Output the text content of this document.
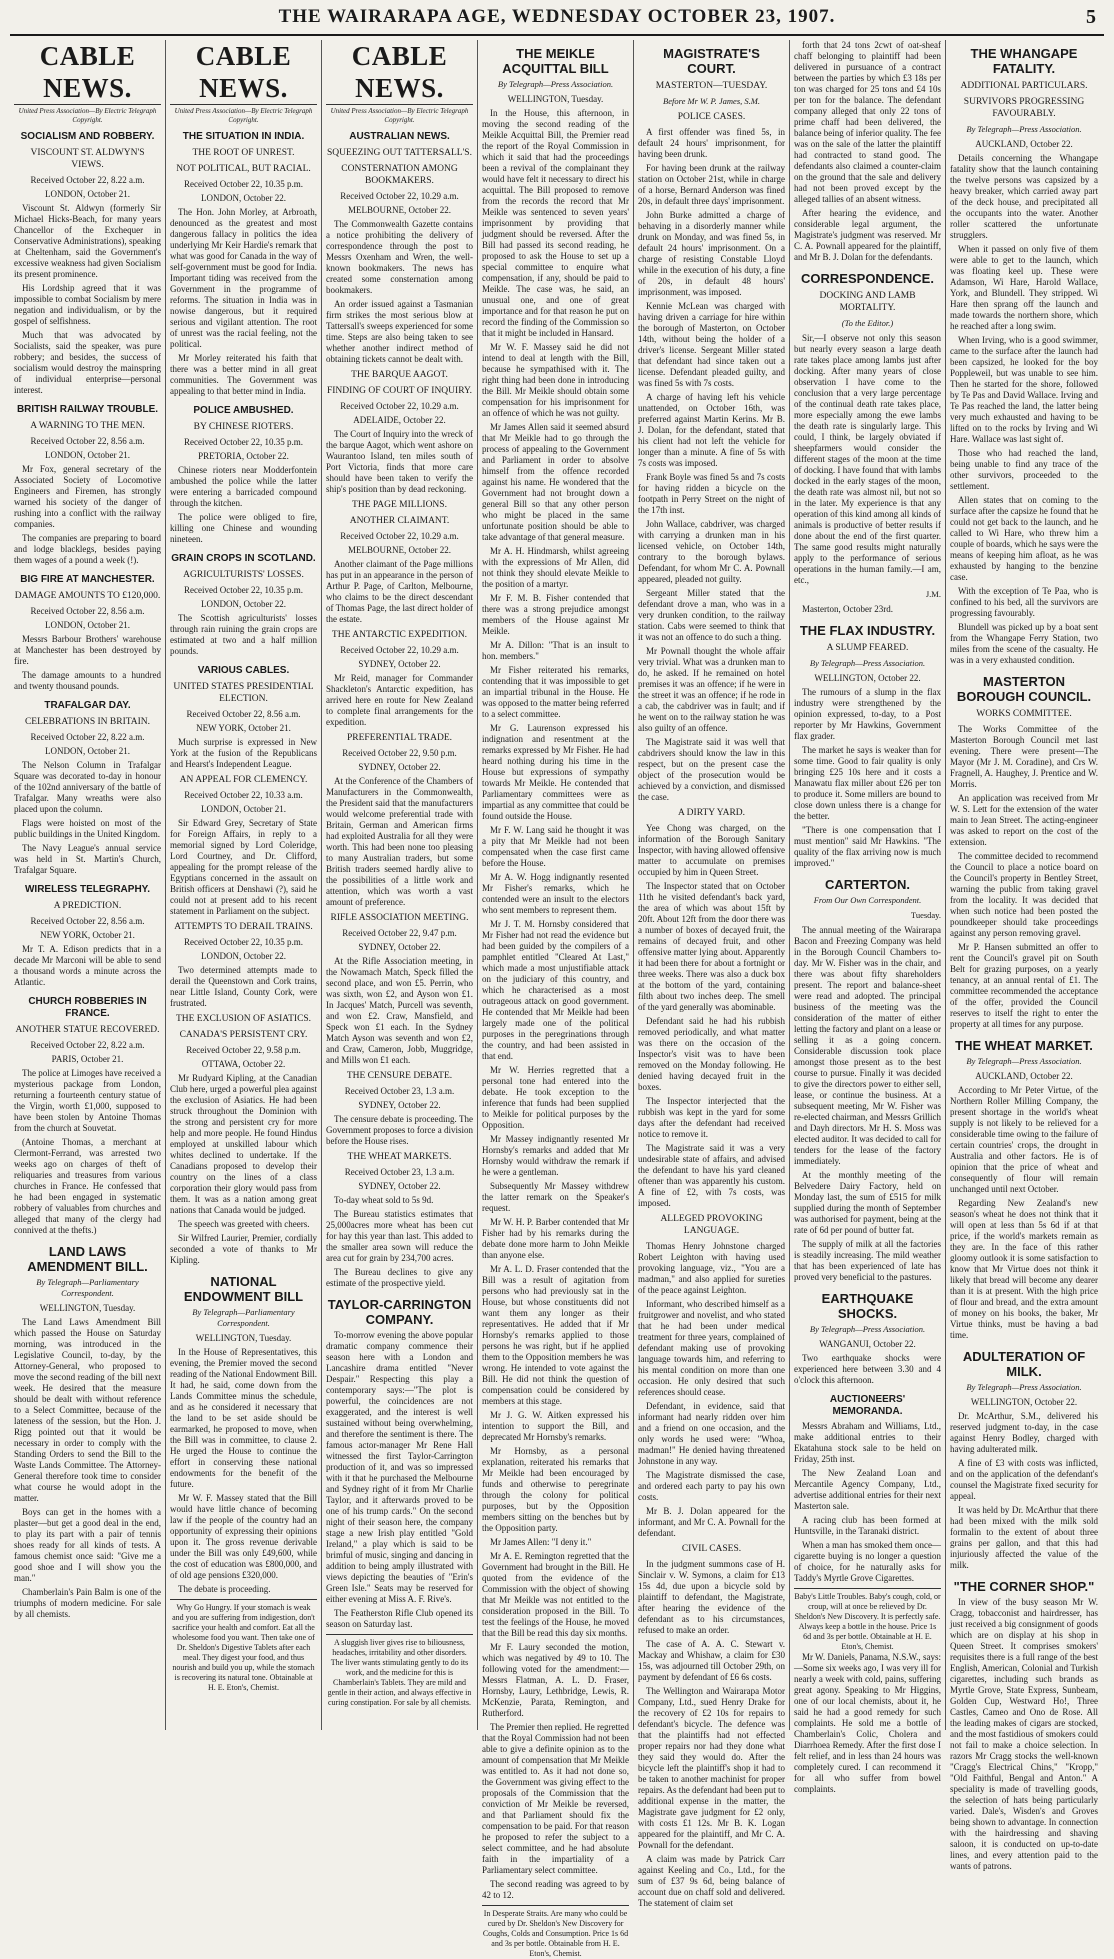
THE WAIRARAPA AGE, WEDNESDAY OCTOBER 23, 1907.	5
CABLE NEWS.
United Press Association—By Electric Telegraph Copyright.
SOCIALISM AND ROBBERY.
VISCOUNT ST. ALDWYN'S VIEWS.
Received October 22, 8.22 a.m.
LONDON, October 21.

Viscount St. Aldwyn (formerly Sir Michael Hicks-Beach, for many years Chancellor of the Exchequer in Conservative Administrations), speaking at Cheltenham, said the Government's excessive weakness had given Socialism its present prominence.

His Lordship agreed that it was impossible to combat Socialism by mere negation and individualism, or by the gospel of selfishness.

Much that was advocated by Socialists, said the speaker, was pure robbery; and besides, the success of socialism would destroy the mainspring of individual enterprise—personal interest.

BRITISH RAILWAY TROUBLE.
A WARNING TO THE MEN.
Received October 22, 8.56 a.m.
LONDON, October 21.

Mr Fox, general secretary of the Associated Society of Locomotive Engineers and Firemen, has strongly warned his society of the danger of rushing into a conflict with the railway companies.

The companies are preparing to board and lodge blacklegs, besides paying them wages of a pound a week (!).

BIG FIRE AT MANCHESTER.
DAMAGE AMOUNTS TO £120,000.
Received October 22, 8.56 a.m.
LONDON, October 21.

Messrs Barbour Brothers' warehouse at Manchester has been destroyed by fire.

The damage amounts to a hundred and twenty thousand pounds.

TRAFALGAR DAY.
CELEBRATIONS IN BRITAIN.
Received October 22, 8.22 a.m.
LONDON, October 21.

The Nelson Column in Trafalgar Square was decorated to-day in honour of the 102nd anniversary of the battle of Trafalgar. Many wreaths were also placed upon the column.

Flags were hoisted on most of the public buildings in the United Kingdom.

The Navy League's annual service was held in St. Martin's Church, Trafalgar Square.

WIRELESS TELEGRAPHY.
A PREDICTION.
Received October 22, 8.56 a.m.
NEW YORK, October 21.

Mr T. A. Edison predicts that in a decade Mr Marconi will be able to send a thousand words a minute across the Atlantic.

CHURCH ROBBERIES IN FRANCE.
ANOTHER STATUE RECOVERED.
Received October 22, 8.22 a.m.
PARIS, October 21.

The police at Limoges have received a mysterious package from London, returning a fourteenth century statue of the Virgin, worth £1,000, supposed to have been stolen by Antoine Thomas from the church at Souvetat.

(Antoine Thomas, a merchant at Clermont-Ferrand, was arrested two weeks ago on charges of theft of reliquaries and treasures from various churches in France. He confessed that he had been engaged in systematic robbery of valuables from churches and alleged that many of the clergy had connived at the thefts.)

LAND LAWS AMENDMENT BILL.
By Telegraph—Parliamentary Correspondent.
WELLINGTON, Tuesday.

The Land Laws Amendment Bill which passed the House on Saturday morning, was introduced in the Legislative Council, to-day, by the Attorney-General, who proposed to move the second reading of the bill next week. He desired that the measure should be dealt with without reference to a Select Committee, because of the lateness of the session, but the Hon. J. Rigg pointed out that it would be necessary in order to comply with the Standing Orders to send the Bill to the Waste Lands Committee. The Attorney-General therefore took time to consider what course he would adopt in the matter.

Boys can get in the homes with a plaster—but get a good deal in the end, to play its part with a pair of tennis shoes ready for all kinds of tests. A famous chemist once said: "Give me a good shoe and I will show you the man."

Chamberlain's Pain Balm is one of the triumphs of modern medicine. For sale by all chemists.

CABLE NEWS.
United Press Association—By Electric Telegraph Copyright.
THE SITUATION IN INDIA.
THE ROOT OF UNREST.
NOT POLITICAL, BUT RACIAL.
Received October 22, 10.35 p.m.
LONDON, October 22.

The Hon. John Morley, at Arbroath, denounced as the greatest and most dangerous fallacy in politics the idea underlying Mr Keir Hardie's remark that what was good for Canada in the way of self-government must be good for India. Important tiding was received from the Government in the programme of reforms. The situation in India was in nowise dangerous, but it required serious and vigilant attention. The root of unrest was the racial feeling, not the political.

Mr Morley reiterated his faith that there was a better mind in all great communities. The Government was appealing to that better mind in India.

POLICE AMBUSHED.
BY CHINESE RIOTERS.
Received October 22, 10.35 p.m.
PRETORIA, October 22.

Chinese rioters near Modderfontein ambushed the police while the latter were entering a barricaded compound through the kitchen.

The police were obliged to fire, killing one Chinese and wounding nineteen.

GRAIN CROPS IN SCOTLAND.
AGRICULTURISTS' LOSSES.
Received October 22, 10.35 p.m.
LONDON, October 22.

The Scottish agriculturists' losses through rain ruining the grain crops are estimated at two and a half million pounds.

VARIOUS CABLES.
UNITED STATES PRESIDENTIAL ELECTION.
Received October 22, 8.56 a.m.
NEW YORK, October 21.

Much surprise is expressed in New York at the fusion of the Republicans and Hearst's Independent League.

AN APPEAL FOR CLEMENCY.
Received October 22, 10.33 a.m.
LONDON, October 21.

Sir Edward Grey, Secretary of State for Foreign Affairs, in reply to a memorial signed by Lord Coleridge, Lord Courtney, and Dr. Clifford, appealing for the prompt release of the Egyptians concerned in the assault on British officers at Denshawi (?), said he could not at present add to his recent statement in Parliament on the subject.

ATTEMPTS TO DERAIL TRAINS.
Received October 22, 10.35 p.m.
LONDON, October 22.

Two determined attempts made to derail the Queenstown and Cork trains, near Little Island, County Cork, were frustrated.

THE EXCLUSION OF ASIATICS.
CANADA'S PERSISTENT CRY.
Received October 22, 9.58 p.m.
OTTAWA, October 22.

Mr Rudyard Kipling, at the Canadian Club here, urged a powerful plea against the exclusion of Asiatics. He had been struck throughout the Dominion with the strong and persistent cry for more help and more people. He found Hindus employed at unskilled labour which whites declined to undertake. If the Canadians proposed to develop their country on the lines of a class corporation their glory would pass from them. It was as a nation among great nations that Canada would be judged.

The speech was greeted with cheers.

Sir Wilfred Laurier, Premier, cordially seconded a vote of thanks to Mr Kipling.

NATIONAL ENDOWMENT BILL
By Telegraph—Parliamentary Correspondent.
WELLINGTON, Tuesday.

In the House of Representatives, this evening, the Premier moved the second reading of the National Endowment Bill. It had, he said, come down from the Lands Committee minus the schedule, and as he considered it necessary that the land to be set aside should be earmarked, he proposed to move, when the Bill was in committee, to clause 2. He urged the House to continue the effort in conserving these national endowments for the benefit of the future.

Mr W. F. Massey stated that the Bill would have little chance of becoming law if the people of the country had an opportunity of expressing their opinions upon it. The gross revenue derivable under the Bill was only £49,600, while the cost of education was £800,000, and of old age pensions £320,000.

The debate is proceeding.

Why Go Hungry. If your stomach is weak and you are suffering from indigestion, don't sacrifice your health and comfort. Eat all the wholesome food you want. Then take one of Dr. Sheldon's Digestive Tablets after each meal. They digest your food, and thus nourish and build you up, while the stomach is recovering its natural tone. Obtainable at H. E. Eton's, Chemist.
CABLE NEWS.
United Press Association—By Electric Telegraph Copyright.
AUSTRALIAN NEWS.
SQUEEZING OUT TATTERSALL'S.
CONSTERNATION AMONG BOOKMAKERS.
Received October 22, 10.29 a.m.
MELBOURNE, October 22.

The Commonwealth Gazette contains a notice prohibiting the delivery of correspondence through the post to Messrs Oxenham and Wren, the well-known bookmakers. The news has created some consternation among bookmakers.

An order issued against a Tasmanian firm strikes the most serious blow at Tattersall's sweeps experienced for some time. Steps are also being taken to see whether another indirect method of obtaining tickets cannot be dealt with.

THE BARQUE AAGOT.
FINDING OF COURT OF INQUIRY.
Received October 22, 10.29 a.m.
ADELAIDE, October 22.

The Court of Inquiry into the wreck of the barque Aagot, which went ashore on Waurantoo Island, ten miles south of Port Victoria, finds that more care should have been taken to verify the ship's position than by dead reckoning.

THE PAGE MILLIONS.
ANOTHER CLAIMANT.
Received October 22, 10.29 a.m.
MELBOURNE, October 22.

Another claimant of the Page millions has put in an appearance in the person of Arthur P. Page, of Carlton, Melbourne, who claims to be the direct descendant of Thomas Page, the last direct holder of the estate.

THE ANTARCTIC EXPEDITION.
Received October 22, 10.29 a.m.
SYDNEY, October 22.

Mr Reid, manager for Commander Shackleton's Antarctic expedition, has arrived here en route for New Zealand to complete final arrangements for the expedition.

PREFERENTIAL TRADE.
Received October 22, 9.50 p.m.
SYDNEY, October 22.

At the Conference of the Chambers of Manufacturers in the Commonwealth, the President said that the manufacturers would welcome preferential trade with Britain, German and American firms had exploited Australia for all they were worth. This had been none too pleasing to many Australian traders, but some British traders seemed hardly alive to the possibilities of a little work and attention, which was worth a vast amount of preference.

RIFLE ASSOCIATION MEETING.
Received October 22, 9.47 p.m.
SYDNEY, October 22.

At the Rifle Association meeting, in the Nowamach Match, Speck filled the second place, and won £5. Perrin, who was sixth, won £2, and Ayson won £1. In Jacques' Match, Purcell was seventh, and won £2. Craw, Mansfield, and Speck won £1 each. In the Sydney Match Ayson was seventh and won £2, and Craw, Cameron, Jobb, Muggridge, and Mills won £1 each.

THE CENSURE DEBATE.
Received October 23, 1.3 a.m.
SYDNEY, October 22.

The censure debate is proceeding. The Government proposes to force a division before the House rises.

THE WHEAT MARKETS.
Received October 23, 1.3 a.m.
SYDNEY, October 22.

To-day wheat sold to 5s 9d.

The Bureau statistics estimates that 25,000acres more wheat has been cut for hay this year than last. This added to the smaller area sown will reduce the area cut for grain by 234,700 acres.

The Bureau declines to give any estimate of the prospective yield.

TAYLOR-CARRINGTON COMPANY.

To-morrow evening the above popular dramatic company commence their season here with a London and Lancashire drama entitled "Never Despair." Respecting this play a contemporary says:—"The plot is powerful, the coincidences are not exaggerated, and the interest is well sustained without being overwhelming, and therefore the sentiment is there. The famous actor-manager Mr Rene Hall witnessed the first Taylor-Carrington production of it, and was so impressed with it that he purchased the Melbourne and Sydney right of it from Mr Charlie Taylor, and it afterwards proved to be one of his trump cards." On the second night of their season here, the company stage a new Irish play entitled "Gold Ireland," a play which is said to be brimful of music, singing and dancing in addition to being amply illustrated with views depicting the beauties of "Erin's Green Isle." Seats may be reserved for either evening at Miss A. F. Rive's.

The Featherston Rifle Club opened its season on Saturday last.

A sluggish liver gives rise to biliousness, headaches, irritability and other disorders. The liver wants stimulating gently to do its work, and the medicine for this is Chamberlain's Tablets. They are mild and gentle in their action, and always effective in curing constipation. For sale by all chemists.
THE MEIKLE ACQUITTAL BILL
By Telegraph—Press Association.
WELLINGTON, Tuesday.

In the House, this afternoon, in moving the second reading of the Meikle Acquittal Bill, the Premier read the report of the Royal Commission in which it said that had the proceedings been a revival of the complainant they would have felt it necessary to direct his acquittal. The Bill proposed to remove from the records the record that Mr Meikle was sentenced to seven years' imprisonment by providing that judgment should be reversed. After the Bill had passed its second reading, he proposed to ask the House to set up a special committee to enquire what compensation, if any, should be paid to Meikle. The case was, he said, an unusual one, and one of great importance and for that reason he put on record the finding of the Commission so that it might be included in Hansard.

Mr W. F. Massey said he did not intend to deal at length with the Bill, because he sympathised with it. The right thing had been done in introducing the Bill. Mr Meikle should obtain some compensation for his imprisonment for an offence of which he was not guilty.

Mr James Allen said it seemed absurd that Mr Meikle had to go through the process of appealing to the Government and Parliament in order to absolve himself from the offence recorded against his name. He wondered that the Government had not brought down a general Bill so that any other person who might be placed in the same unfortunate position should be able to take advantage of that general measure.

Mr A. H. Hindmarsh, whilst agreeing with the expressions of Mr Allen, did not think they should elevate Meikle to the position of a martyr.

Mr F. M. B. Fisher contended that there was a strong prejudice amongst members of the House against Mr Meikle.

Mr A. Dillon: "That is an insult to hon. members."

Mr Fisher reiterated his remarks, contending that it was impossible to get an impartial tribunal in the House. He was opposed to the matter being referred to a select committee.

Mr G. Laurenson expressed his indignation and resentment at the remarks expressed by Mr Fisher. He had heard nothing during his time in the House but expressions of sympathy towards Mr Meikle. He contended that Parliamentary committees were as impartial as any committee that could be found outside the House.

Mr F. W. Lang said he thought it was a pity that Mr Meikle had not been compensated when the case first came before the House.

Mr A. W. Hogg indignantly resented Mr Fisher's remarks, which he contended were an insult to the electors who sent members to represent them.

Mr J. T. M. Hornsby considered that Mr Fisher had not read the evidence but had been guided by the compilers of a pamphlet entitled "Cleared At Last," which made a most unjustifiable attack on the judiciary of this country, and which he characterised as a most outrageous attack on good government. He contended that Mr Meikle had been largely made one of the political purposes in the peregrinations through the country, and had been assisted in that end.

Mr W. Herries regretted that a personal tone had entered into the debate. He took exception to the inference that funds had been supplied to Meikle for political purposes by the Opposition.

Mr Massey indignantly resented Mr Hornsby's remarks and added that Mr Hornsby would withdraw the remark if he were a gentleman.

Subsequently Mr Massey withdrew the latter remark on the Speaker's request.

Mr W. H. P. Barber contended that Mr Fisher had by his remarks during the debate done more harm to John Meikle than anyone else.

Mr A. L. D. Fraser contended that the Bill was a result of agitation from persons who had previously sat in the House, but whose constituents did not want them any longer as their representatives. He added that if Mr Hornsby's remarks applied to those persons he was right, but if he applied them to the Opposition members he was wrong. He intended to vote against the Bill. He did not think the question of compensation could be considered by members at this stage.

Mr J. G. W. Aitken expressed his intention to support the Bill, and deprecated Mr Hornsby's remarks.

Mr Hornsby, as a personal explanation, reiterated his remarks that Mr Meikle had been encouraged by funds and otherwise to peregrinate through the colony for political purposes, but by the Opposition members sitting on the benches but by the Opposition party.

Mr James Allen: "I deny it."

Mr A. E. Remington regretted that the Government had brought in the Bill. He quoted from the evidence of the Commission with the object of showing that Mr Meikle was not entitled to the consideration proposed in the Bill. To test the feelings of the House, he moved that the Bill be read this day six months.

Mr F. Laury seconded the motion, which was negatived by 49 to 10. The following voted for the amendment:—Messrs Flatman, A. L. D. Fraser, Hornsby, Laury, Lethbridge, Lewis, R. McKenzie, Parata, Remington, and Rutherford.

The Premier then replied. He regretted that the Royal Commission had not been able to give a definite opinion as to the amount of compensation that Mr Meikle was entitled to. As it had not done so, the Government was giving effect to the proposals of the Commission that the conviction of Mr Meikle be reversed, and that Parliament should fix the compensation to be paid. For that reason he proposed to refer the subject to a select committee, and he had absolute faith in the impartiality of a Parliamentary select committee.

The second reading was agreed to by 42 to 12.

In Desperate Straits. Are many who could be cured by Dr. Sheldon's New Discovery for Coughs, Colds and Consumption. Price 1s 6d and 3s per bottle. Obtainable from H. E. Eton's, Chemist.
MAGISTRATE'S COURT.
MASTERTON—TUESDAY.
Before Mr W. P. James, S.M.
POLICE CASES.

A first offender was fined 5s, in default 24 hours' imprisonment, for having been drunk.

For having been drunk at the railway station on October 21st, while in charge of a horse, Bernard Anderson was fined 20s, in default three days' imprisonment.

John Burke admitted a charge of behaving in a disorderly manner while drunk on Monday, and was fined 5s, in default 24 hours' imprisonment. On a charge of resisting Constable Lloyd while in the execution of his duty, a fine of 20s, in default 48 hours' imprisonment, was imposed.

Kennie McLean was charged with having driven a carriage for hire within the borough of Masterton, on October 14th, without being the holder of a driver's license. Sergeant Miller stated that defendant had since taken out a license. Defendant pleaded guilty, and was fined 5s with 7s costs.

A charge of having left his vehicle unattended, on October 16th, was preferred against Martin Kerins. Mr B. J. Dolan, for the defendant, stated that his client had not left the vehicle for longer than a minute. A fine of 5s with 7s costs was imposed.

Frank Boyle was fined 5s and 7s costs for having ridden a bicycle on the footpath in Perry Street on the night of the 17th inst.

John Wallace, cabdriver, was charged with carrying a drunken man in his licensed vehicle, on October 14th, contrary to the borough bylaws. Defendant, for whom Mr C. A. Pownall appeared, pleaded not guilty.

Sergeant Miller stated that the defendant drove a man, who was in a very drunken condition, to the railway station. Cabs were seemed to think that it was not an offence to do such a thing.

Mr Pownall thought the whole affair very trivial. What was a drunken man to do, he asked. If he remained on hotel premises it was an offence; if he were in the street it was an offence; if he rode in a cab, the cabdriver was in fault; and if he went on to the railway station he was also guilty of an offence.

The Magistrate said it was well that cabdrivers should know the law in this respect, but on the present case the object of the prosecution would be achieved by a conviction, and dismissed the case.

A DIRTY YARD.

Yee Chong was charged, on the information of the Borough Sanitary Inspector, with having allowed offensive matter to accumulate on premises occupied by him in Queen Street.

The Inspector stated that on October 11th he visited defendant's back yard, the area of which was about 15ft by 20ft. About 12ft from the door there was a number of boxes of decayed fruit, the remains of decayed fruit, and other offensive matter lying about. Apparently it had been there for about a fortnight or three weeks. There was also a duck box at the bottom of the yard, containing filth about two inches deep. The smell of the yard generally was abominable.

Defendant said he had his rubbish removed periodically, and what matter was there on the occasion of the Inspector's visit was to have been removed on the Monday following. He denied having decayed fruit in the boxes.

The Inspector interjected that the rubbish was kept in the yard for some days after the defendant had received notice to remove it.

The Magistrate said it was a very undesirable state of affairs, and advised the defendant to have his yard cleaned oftener than was apparently his custom. A fine of £2, with 7s costs, was imposed.

ALLEGED PROVOKING LANGUAGE.

Thomas Henry Johnstone charged Robert Leighton with having used provoking language, viz., "You are a madman," and also applied for sureties of the peace against Leighton.

Informant, who described himself as a fruitgrower and novelist, and who stated that he had been under medical treatment for three years, complained of defendant making use of provoking language towards him, and referring to his mental condition on more than one occasion. He only desired that such references should cease.

Defendant, in evidence, said that informant had nearly ridden over him and a friend on one occasion, and the only words he used were: "Whoa, madman!" He denied having threatened Johnstone in any way.

The Magistrate dismissed the case, and ordered each party to pay his own costs.

Mr B. J. Dolan appeared for the informant, and Mr C. A. Pownall for the defendant.

CIVIL CASES.

In the judgment summons case of H. Sinclair v. W. Symons, a claim for £13 15s 4d, due upon a bicycle sold by plaintiff to defendant, the Magistrate, after hearing the evidence of the defendant as to his circumstances, refused to make an order.

The case of A. A. C. Stewart v. Mackay and Whishaw, a claim for £30 15s, was adjourned till October 29th, on payment by defendant of £6 6s costs.

The Wellington and Wairarapa Motor Company, Ltd., sued Henry Drake for the recovery of £2 10s for repairs to defendant's bicycle. The defence was that the plaintiffs had not effected proper repairs nor had they done what they said they would do. After the bicycle left the plaintiff's shop it had to be taken to another machinist for proper repairs. As the defendant had been put to additional expense in the matter, the Magistrate gave judgment for £2 only, with costs £1 12s. Mr B. K. Logan appeared for the plaintiff, and Mr C. A. Pownall for the defendant.

A claim was made by Patrick Carr against Keeling and Co., Ltd., for the sum of £37 9s 6d, being balance of account due on chaff sold and delivered. The statement of claim set

forth that 24 tons 2cwt of oat-sheaf chaff belonging to plaintiff had been delivered in pursuance of a contract between the parties by which £3 18s per ton was charged for 25 tons and £4 10s per ton for the balance. The defendant company alleged that only 22 tons of prime chaff had been delivered, the balance being of inferior quality. The fee was on the sale of the latter the plaintiff had contracted to stand good. The defendants also claimed a counter-claim on the ground that the sale and delivery had not been proved except by the alleged tallies of an absent witness.

After hearing the evidence, and considerable legal argument, the Magistrate's judgment was reserved. Mr C. A. Pownall appeared for the plaintiff, and Mr B. J. Dolan for the defendants.

CORRESPONDENCE.
DOCKING AND LAMB MORTALITY.
(To the Editor.)

Sir,—I observe not only this season but nearly every season a large death rate takes place among lambs just after docking. After many years of close observation I have come to the conclusion that a very large percentage of the continual death rate takes place, more especially among the ewe lambs the death rate is singularly large. This could, I think, be largely obviated if sheepfarmers would consider the different stages of the moon at the time of docking. I have found that with lambs docked in the early stages of the moon, the death rate was almost nil, but not so in the later. My experience is that any operation of this kind among all kinds of animals is productive of better results if done about the end of the first quarter. The same good results might naturally apply to the performance of serious operations in the human family.—I am, etc.,

J.M.

Masterton, October 23rd.

THE FLAX INDUSTRY.
A SLUMP FEARED.
By Telegraph—Press Association.
WELLINGTON, October 22.

The rumours of a slump in the flax industry were strengthened by the opinion expressed, to-day, to a Post reporter by Mr Hawkins, Government flax grader.

The market he says is weaker than for some time. Good to fair quality is only bringing £25 10s here and it costs a Manawatu flax miller about £26 per ton to produce it. Some millers are bound to close down unless there is a change for the better.

"There is one compensation that I must mention" said Mr Hawkins. "The quality of the flax arriving now is much improved."

CARTERTON.
From Our Own Correspondent.
Tuesday.

The annual meeting of the Wairarapa Bacon and Freezing Company was held in the Borough Council Chambers to-day. Mr W. Fisher was in the chair, and there was about fifty shareholders present. The report and balance-sheet were read and adopted. The principal business of the meeting was the consideration of the matter of either letting the factory and plant on a lease or selling it as a going concern. Considerable discussion took place amongst those present as to the best course to pursue. Finally it was decided to give the directors power to either sell, lease, or continue the business. At a subsequent meeting, Mr W. Fisher was re-elected chairman, and Messrs Grillich and Dayh directors. Mr H. S. Moss was elected auditor. It was decided to call for tenders for the lease of the factory immediately.

At the monthly meeting of the Belvedere Dairy Factory, held on Monday last, the sum of £515 for milk supplied during the month of September was authorised for payment, being at the rate of 6d per pound of butter fat.

The supply of milk at all the factories is steadily increasing. The mild weather that has been experienced of late has proved very beneficial to the pastures.

EARTHQUAKE SHOCKS.
By Telegraph—Press Association.
WANGANUI, October 22.

Two earthquake shocks were experienced here between 3.30 and 4 o'clock this afternoon.

AUCTIONEERS' MEMORANDA.

Messrs Abraham and Williams, Ltd., make additional entries to their Ekatahuna stock sale to be held on Friday, 25th inst.

The New Zealand Loan and Mercantile Agency Company, Ltd., advertise additional entries for their next Masterton sale.

A racing club has been formed at Huntsville, in the Taranaki district.

When a man has smoked them once—cigarette buying is no longer a question of choice, for he naturally asks for Taddy's Myrtle Grove Cigarettes.

Baby's Little Troubles. Baby's cough, cold, or croup, will at once be relieved by Dr. Sheldon's New Discovery. It is perfectly safe. Always keep a bottle in the house. Price 1s 6d and 3s per bottle. Obtainable at H. E. Eton's, Chemist.

Mr W. Daniels, Panama, N.S.W., says:—Some six weeks ago, I was very ill for nearly a week with cold, pains, suffering great agony. Speaking to Mr Higgins, one of our local chemists, about it, he said he had a good remedy for such complaints. He sold me a bottle of Chamberlain's Colic, Cholera and Diarrhoea Remedy. After the first dose I felt relief, and in less than 24 hours was completely cured. I can recommend it for all who suffer from bowel complaints.

THE WHANGAPE FATALITY.
ADDITIONAL PARTICULARS.
SURVIVORS PROGRESSING FAVOURABLY.
By Telegraph—Press Association.
AUCKLAND, October 22.

Details concerning the Whangape fatality show that the launch containing the twelve persons was capsized by a heavy breaker, which carried away part of the deck house, and precipitated all the occupants into the water. Another roller scattered the unfortunate strugglers.

When it passed on only five of them were able to get to the launch, which was floating keel up. These were Adamson, Wi Hare, Harold Wallace, York, and Blundell. They stripped. Wi Hare then sprang off the launch and made towards the northern shore, which he reached after a long swim.

When Irving, who is a good swimmer, came to the surface after the launch had been capsized, he looked for the boy Poppleweil, but was unable to see him. Then he started for the shore, followed by Te Pas and David Wallace. Irving and Te Pas reached the land, the latter being very much exhausted and having to be lifted on to the rocks by Irving and Wi Hare. Wallace was last sight of.

Those who had reached the land, being unable to find any trace of the other survivors, proceeded to the settlement.

Allen states that on coming to the surface after the capsize he found that he could not get back to the launch, and he called to Wi Hare, who threw him a couple of boards, which he says were the means of keeping him afloat, as he was exhausted by hanging to the benzine case.

With the exception of Te Paa, who is confined to his bed, all the survivors are progressing favourably.

Blundell was picked up by a boat sent from the Whangape Ferry Station, two miles from the scene of the casualty. He was in a very exhausted condition.

MASTERTON BOROUGH COUNCIL.
WORKS COMMITTEE.

The Works Committee of the Masterton Borough Council met last evening. There were present—The Mayor (Mr J. M. Coradine), and Crs W. Fragnell, A. Haughey, J. Prentice and W. Morris.

An application was received from Mr W. S. Lett for the extension of the water main to Jean Street. The acting-engineer was asked to report on the cost of the extension.

The committee decided to recommend the Council to place a notice board on the Council's property in Bentley Street, warning the public from taking gravel from the locality. It was decided that when such notice had been posted the poundkeeper should take proceedings against any person removing gravel.

Mr P. Hansen submitted an offer to rent the Council's gravel pit on South Belt for grazing purposes, on a yearly tenancy, at an annual rental of £1. The committee recommended the acceptance of the offer, provided the Council reserves to itself the right to enter the property at all times for any purpose.

THE WHEAT MARKET.
By Telegraph—Press Association.
AUCKLAND, October 22.

According to Mr Peter Virtue, of the Northern Roller Milling Company, the present shortage in the world's wheat supply is not likely to be relieved for a considerable time owing to the failure of certain countries' crops, the drought in Australia and other factors. He is of opinion that the price of wheat and consequently of flour will remain unchanged until next October.

Regarding New Zealand's new season's wheat he does not think that it will open at less than 5s 6d if at that price, if the world's markets remain as they are. In the face of this rather gloomy outlook it is some satisfaction to know that Mr Virtue does not think it likely that bread will become any dearer than it is at present. With the high price of flour and bread, and the extra amount of money on his books, the baker, Mr Virtue thinks, must be having a bad time.

ADULTERATION OF MILK.
By Telegraph—Press Association.
WELLINGTON, October 22.

Dr. McArthur, S.M., delivered his reserved judgment to-day, in the case against Henry Bodley, charged with having adulterated milk.

A fine of £3 with costs was inflicted, and on the application of the defendant's counsel the Magistrate fixed security for appeal.

It was held by Dr. McArthur that there had been mixed with the milk sold formalin to the extent of about three grains per gallon, and that this had injuriously affected the value of the milk.

"THE CORNER SHOP."

In view of the busy season Mr W. Cragg, tobacconist and hairdresser, has just received a big consignment of goods which are on display at his shop in Queen Street. It comprises smokers' requisites there is a full range of the best English, American, Colonial and Turkish cigarettes, including such brands as Myrtle Grove, State Express, Sunbeam, Golden Cup, Westward Ho!, Three Castles, Cameo and Ono de Rose. All the leading makes of cigars are stocked, and the most fastidious of smokers could not fail to make a choice selection. In razors Mr Cragg stocks the well-known "Cragg's Electrical Chins," "Kropp," "Old Faithful, Bengal and Anton." A speciality is made of travelling goods, the selection of hats being particularly varied. Dale's, Wisden's and Groves being shown to advantage. In connection with the hairdressing and shaving saloon, it is conducted on up-to-date lines, and every attention paid to the wants of patrons.
